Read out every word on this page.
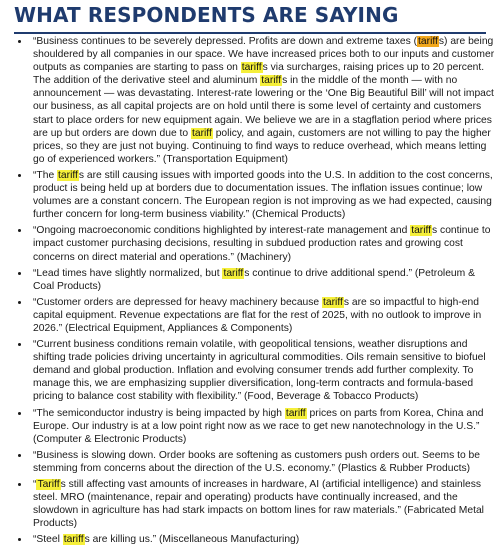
WHAT RESPONDENTS ARE SAYING
• “Business continues to be severely depressed. Profits are down and extreme taxes (tariffs) are being shouldered by all companies in our space. We have increased prices both to our inputs and customer outputs as companies are starting to pass on tariffs via surcharges, raising prices up to 20 percent. The addition of the derivative steel and aluminum tariffs in the middle of the month — with no announcement — was devastating. Interest-rate lowering or the ‘One Big Beautiful Bill’ will not impact our business, as all capital projects are on hold until there is some level of certainty and customers start to place orders for new equipment again. We believe we are in a stagflation period where prices are up but orders are down due to tariff policy, and again, customers are not willing to pay the higher prices, so they are just not buying. Continuing to find ways to reduce overhead, which means letting go of experienced workers.” (Transportation Equipment)
• “The tariffs are still causing issues with imported goods into the U.S. In addition to the cost concerns, product is being held up at borders due to documentation issues. The inflation issues continue; low volumes are a constant concern. The European region is not improving as we had expected, causing further concern for long-term business viability.” (Chemical Products)
• “Ongoing macroeconomic conditions highlighted by interest-rate management and tariffs continue to impact customer purchasing decisions, resulting in subdued production rates and growing cost concerns on direct material and operations.” (Machinery)
• “Lead times have slightly normalized, but tariffs continue to drive additional spend.” (Petroleum & Coal Products)
• “Customer orders are depressed for heavy machinery because tariffs are so impactful to high-end capital equipment. Revenue expectations are flat for the rest of 2025, with no outlook to improve in 2026.” (Electrical Equipment, Appliances & Components)
• “Current business conditions remain volatile, with geopolitical tensions, weather disruptions and shifting trade policies driving uncertainty in agricultural commodities. Oils remain sensitive to biofuel demand and global production. Inflation and evolving consumer trends add further complexity. To manage this, we are emphasizing supplier diversification, long-term contracts and formula-based pricing to balance cost stability with flexibility.” (Food, Beverage & Tobacco Products)
• “The semiconductor industry is being impacted by high tariff prices on parts from Korea, China and Europe. Our industry is at a low point right now as we race to get new nanotechnology in the U.S.” (Computer & Electronic Products)
• “Business is slowing down. Order books are softening as customers push orders out. Seems to be stemming from concerns about the direction of the U.S. economy.” (Plastics & Rubber Products)
• “Tariffs still affecting vast amounts of increases in hardware, AI (artificial intelligence) and stainless steel. MRO (maintenance, repair and operating) products have continually increased, and the slowdown in agriculture has had stark impacts on bottom lines for raw materials.” (Fabricated Metal Products)
• “Steel tariffs are killing us.” (Miscellaneous Manufacturing)
